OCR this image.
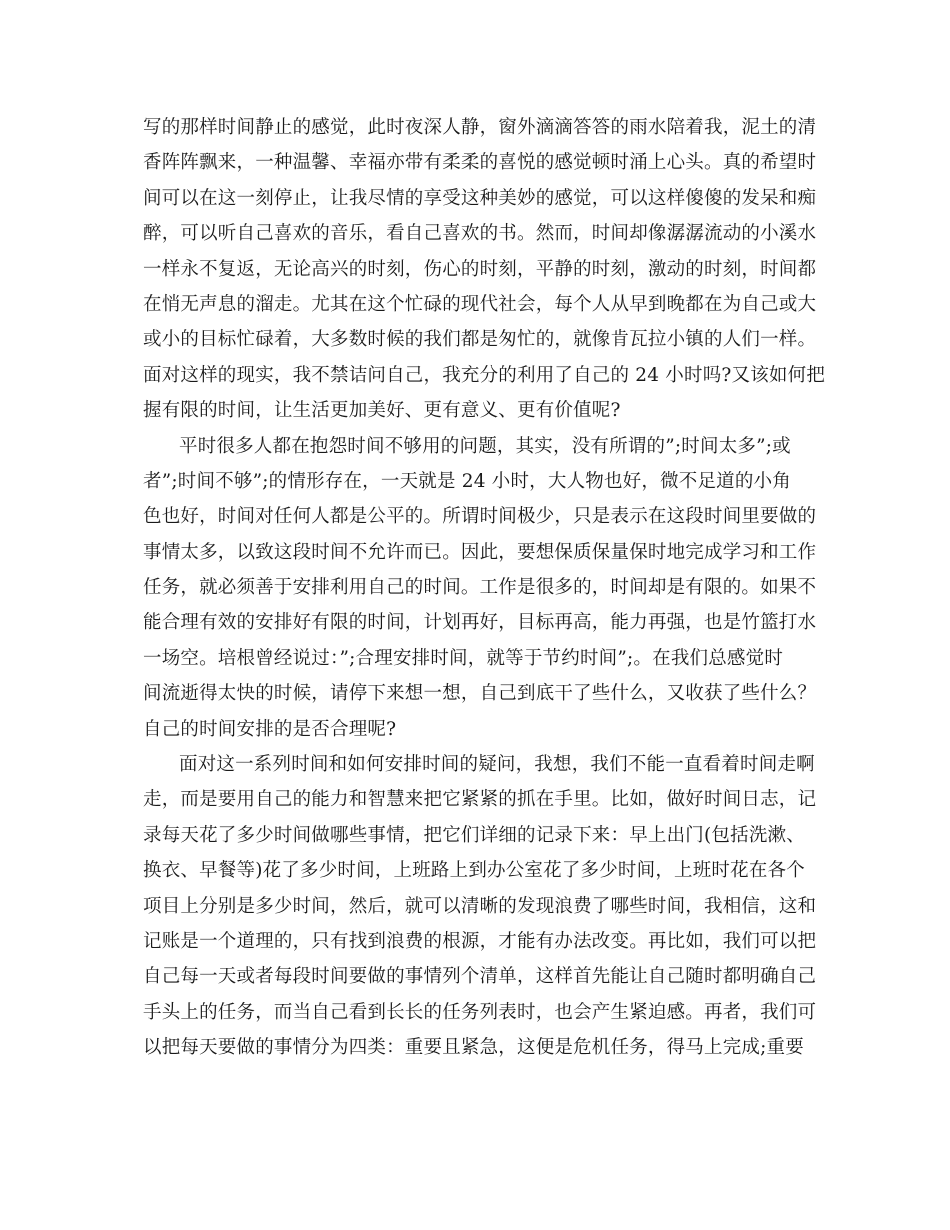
写的那样时间静止的感觉，此时夜深人静，窗外滴滴答答的雨水陪着我，泥土的清
香阵阵飘来，一种温馨、幸福亦带有柔柔的喜悦的感觉顿时涌上心头。真的希望时
间可以在这一刻停止，让我尽情的享受这种美妙的感觉，可以这样傻傻的发呆和痴
醉，可以听自己喜欢的音乐，看自己喜欢的书。然而，时间却像潺潺流动的小溪水
一样永不复返，无论高兴的时刻，伤心的时刻，平静的时刻，激动的时刻，时间都
在悄无声息的溜走。尤其在这个忙碌的现代社会，每个人从早到晚都在为自己或大
或小的目标忙碌着，大多数时候的我们都是匆忙的，就像肯瓦拉小镇的人们一样。
面对这样的现实，我不禁诘问自己，我充分的利用了自己的 24 小时吗?又该如何把
握有限的时间，让生活更加美好、更有意义、更有价值呢?
平时很多人都在抱怨时间不够用的问题，其实，没有所谓的”;时间太多”;或
者”;时间不够”;的情形存在，一天就是 24 小时，大人物也好，微不足道的小角
色也好，时间对任何人都是公平的。所谓时间极少，只是表示在这段时间里要做的
事情太多，以致这段时间不允许而已。因此，要想保质保量保时地完成学习和工作
任务，就必须善于安排利用自己的时间。工作是很多的，时间却是有限的。如果不
能合理有效的安排好有限的时间，计划再好，目标再高，能力再强，也是竹篮打水
一场空。培根曾经说过：”;合理安排时间，就等于节约时间”;。在我们总感觉时
间流逝得太快的时候，请停下来想一想，自己到底干了些什么，又收获了些什么？
自己的时间安排的是否合理呢?
面对这一系列时间和如何安排时间的疑问，我想，我们不能一直看着时间走啊
走，而是要用自己的能力和智慧来把它紧紧的抓在手里。比如，做好时间日志，记
录每天花了多少时间做哪些事情，把它们详细的记录下来：早上出门(包括洗漱、
换衣、早餐等)花了多少时间，上班路上到办公室花了多少时间，上班时花在各个
项目上分别是多少时间，然后，就可以清晰的发现浪费了哪些时间，我相信，这和
记账是一个道理的，只有找到浪费的根源，才能有办法改变。再比如，我们可以把
自己每一天或者每段时间要做的事情列个清单，这样首先能让自己随时都明确自己
手头上的任务，而当自己看到长长的任务列表时，也会产生紧迫感。再者，我们可
以把每天要做的事情分为四类：重要且紧急，这便是危机任务，得马上完成;重要
